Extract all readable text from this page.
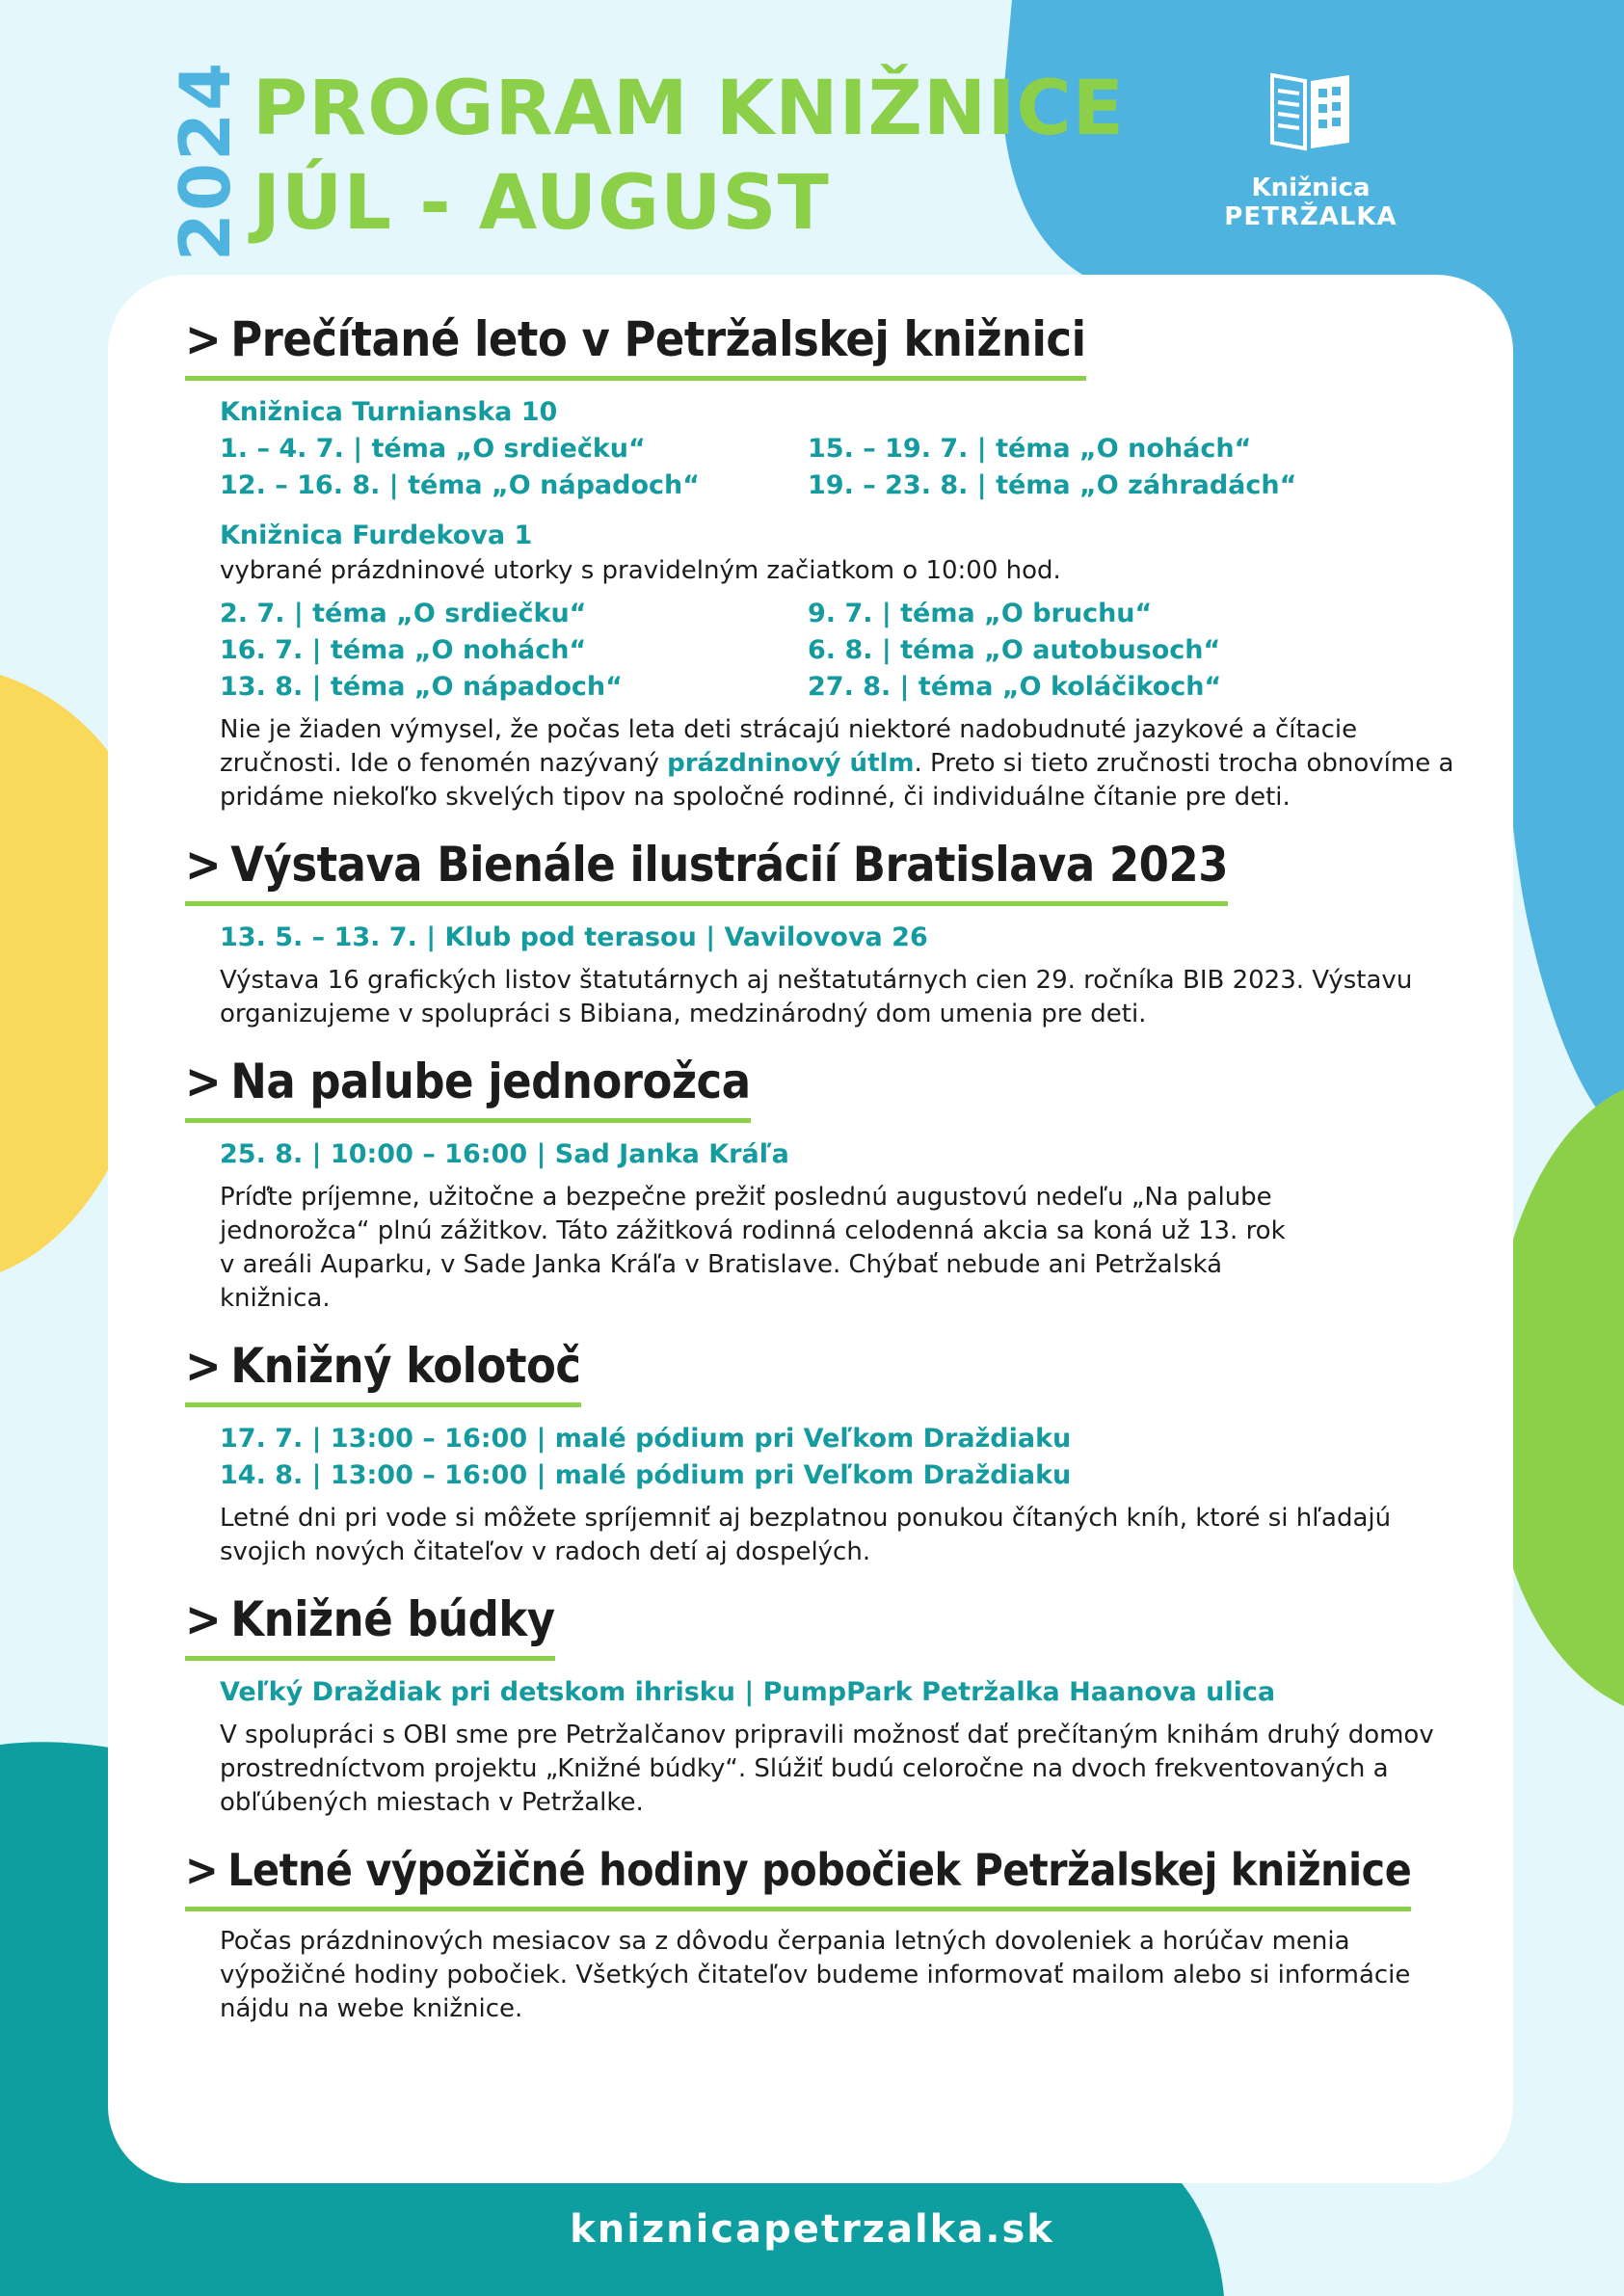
2024 PROGRAM KNIŽNICE
JÚL - AUGUST	Knižnica
PETRŽALKA
> Prečítané leto v Petržalskej knižnici
Knižnica Turnianska 10
1. – 4. 7. | téma „O srdiečku“	15. – 19. 7. | téma „O nohách“
12. – 16. 8. | téma „O nápadoch“	19. – 23. 8. | téma „O záhradách“
Knižnica Furdekova 1
vybrané prázdninové utorky s pravidelným začiatkom o 10:00 hod.
2. 7. | téma „O srdiečku“	9. 7. | téma „O bruchu“
16. 7. | téma „O nohách“	6. 8. | téma „O autobusoch“
13. 8. | téma „O nápadoch“	27. 8. | téma „O koláčikoch“
Nie je žiaden výmysel, že počas leta deti strácajú niektoré nadobudnuté jazykové a čítacie zručnosti. Ide o fenomén nazývaný prázdninový útlm. Preto si tieto zručnosti trocha obnovíme a pridáme niekoľko skvelých tipov na spoločné rodinné, či individuálne čítanie pre deti.
> Výstava Bienále ilustrácií Bratislava 2023
13. 5. – 13. 7. | Klub pod terasou | Vavilovova 26
Výstava 16 grafických listov štatutárnych aj neštatutárnych cien 29. ročníka BIB 2023. Výstavu organizujeme v spolupráci s Bibiana, medzinárodný dom umenia pre deti.
> Na palube jednorožca
25. 8. | 10:00 – 16:00 | Sad Janka Kráľa
Príďte príjemne, užitočne a bezpečne prežiť poslednú augustovú nedeľu „Na palube jednorožca“ plnú zážitkov. Táto zážitková rodinná celodenná akcia sa koná už 13. rok v areáli Auparku, v Sade Janka Kráľa v Bratislave. Chýbať nebude ani Petržalská knižnica.
> Knižný kolotoč
17. 7. | 13:00 – 16:00 | malé pódium pri Veľkom Draždiaku
14. 8. | 13:00 – 16:00 | malé pódium pri Veľkom Draždiaku
Letné dni pri vode si môžete spríjemniť aj bezplatnou ponukou čítaných kníh, ktoré si hľadajú svojich nových čitateľov v radoch detí aj dospelých.
> Knižné búdky
Veľký Draždiak pri detskom ihrisku | PumpPark Petržalka Haanova ulica
V spolupráci s OBI sme pre Petržalčanov pripravili možnosť dať prečítaným knihám druhý domov prostredníctvom projektu „Knižné búdky“. Slúžiť budú celoročne na dvoch frekventovaných a obľúbených miestach v Petržalke.
> Letné výpožičné hodiny pobočiek Petržalskej knižnice
Počas prázdninových mesiacov sa z dôvodu čerpania letných dovoleniek a horúčav menia výpožičné hodiny pobočiek. Všetkých čitateľov budeme informovať mailom alebo si informácie nájdu na webe knižnice.
kniznicapetrzalka.sk
